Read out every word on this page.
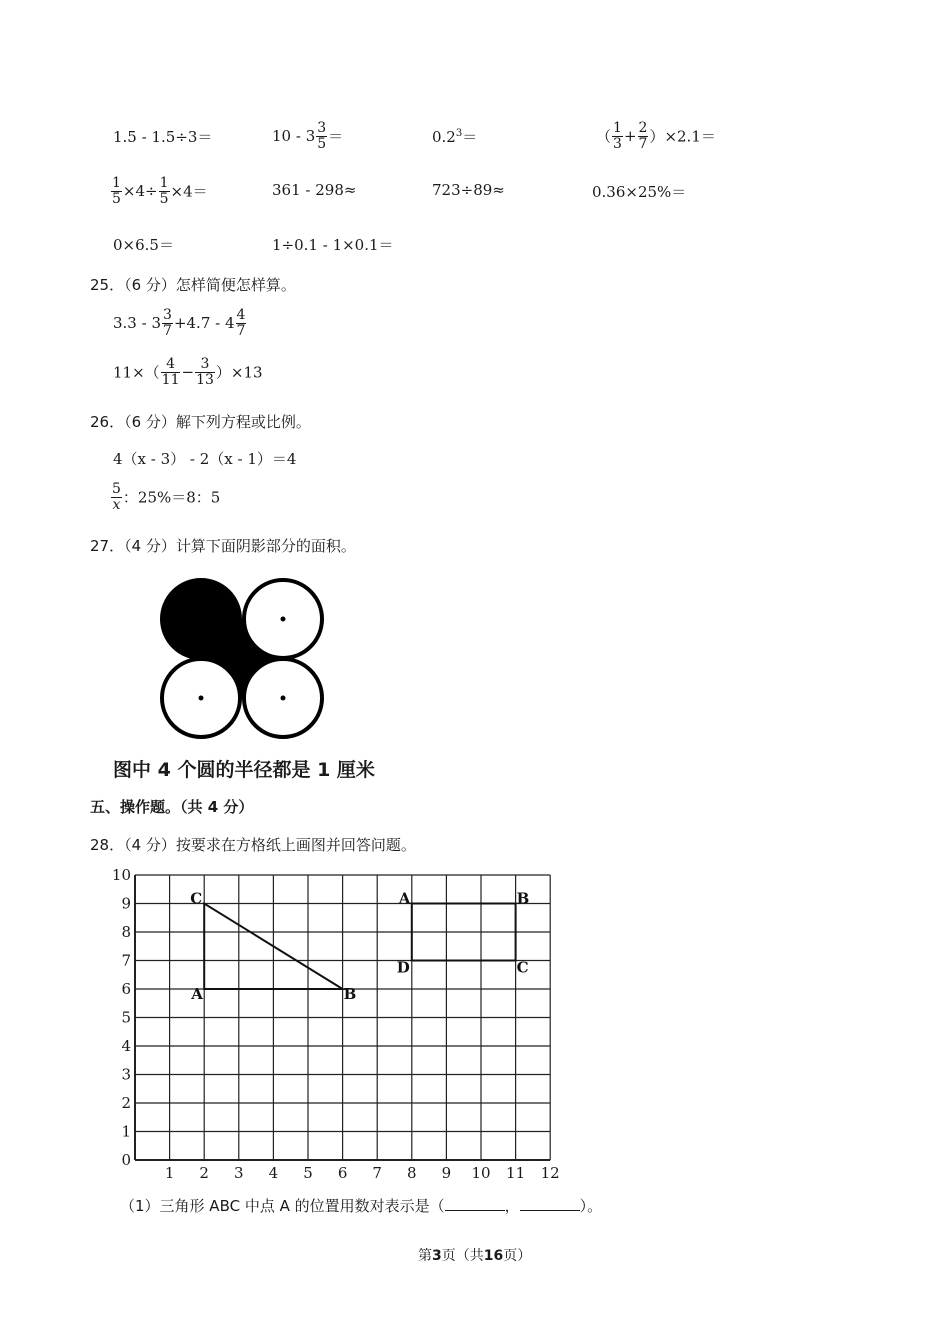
1.5 - 1.5÷3＝	$10 - 3 \frac{3}{5}$ ＝	$0.2^3=$	（ $\frac{1}{3} + \frac{2}{7} )\times 2.1=$
$\frac{1}{5} \times 4\div \frac{1}{5} \times 4=$	361 - 298≈	723÷89≈	0.36×25%＝
0×6.5＝	1÷0.1 - 1×0.1＝
25．（6 分）怎样简便怎样算。
$3.3 - 3 \frac{3}{7} +4.7 - 4 \frac{4}{7}$
$11\times( \frac{4}{11} - \frac{3}{13} )\times 13$
26．（6 分）解下列方程或比例。
4（x - 3） - 2（x - 1）＝4
$\frac{5}{x}$ ：25%＝8：5
27．（4 分）计算下面阴影部分的面积。
图中 4 个圆的半径都是 1 厘米
五、操作题。（共 4 分）
28．（4 分）按要求在方格纸上画图并回答问题。
1 2 3 4 5 6 7 8 9 10 11 12
0
1
2
3
4
5
6
7
8
9
10
A	B
C	A	B
C
D
（1）三角形 ABC 中点 A 的位置用数对表示是（	，	）。
第3页（共16页）
